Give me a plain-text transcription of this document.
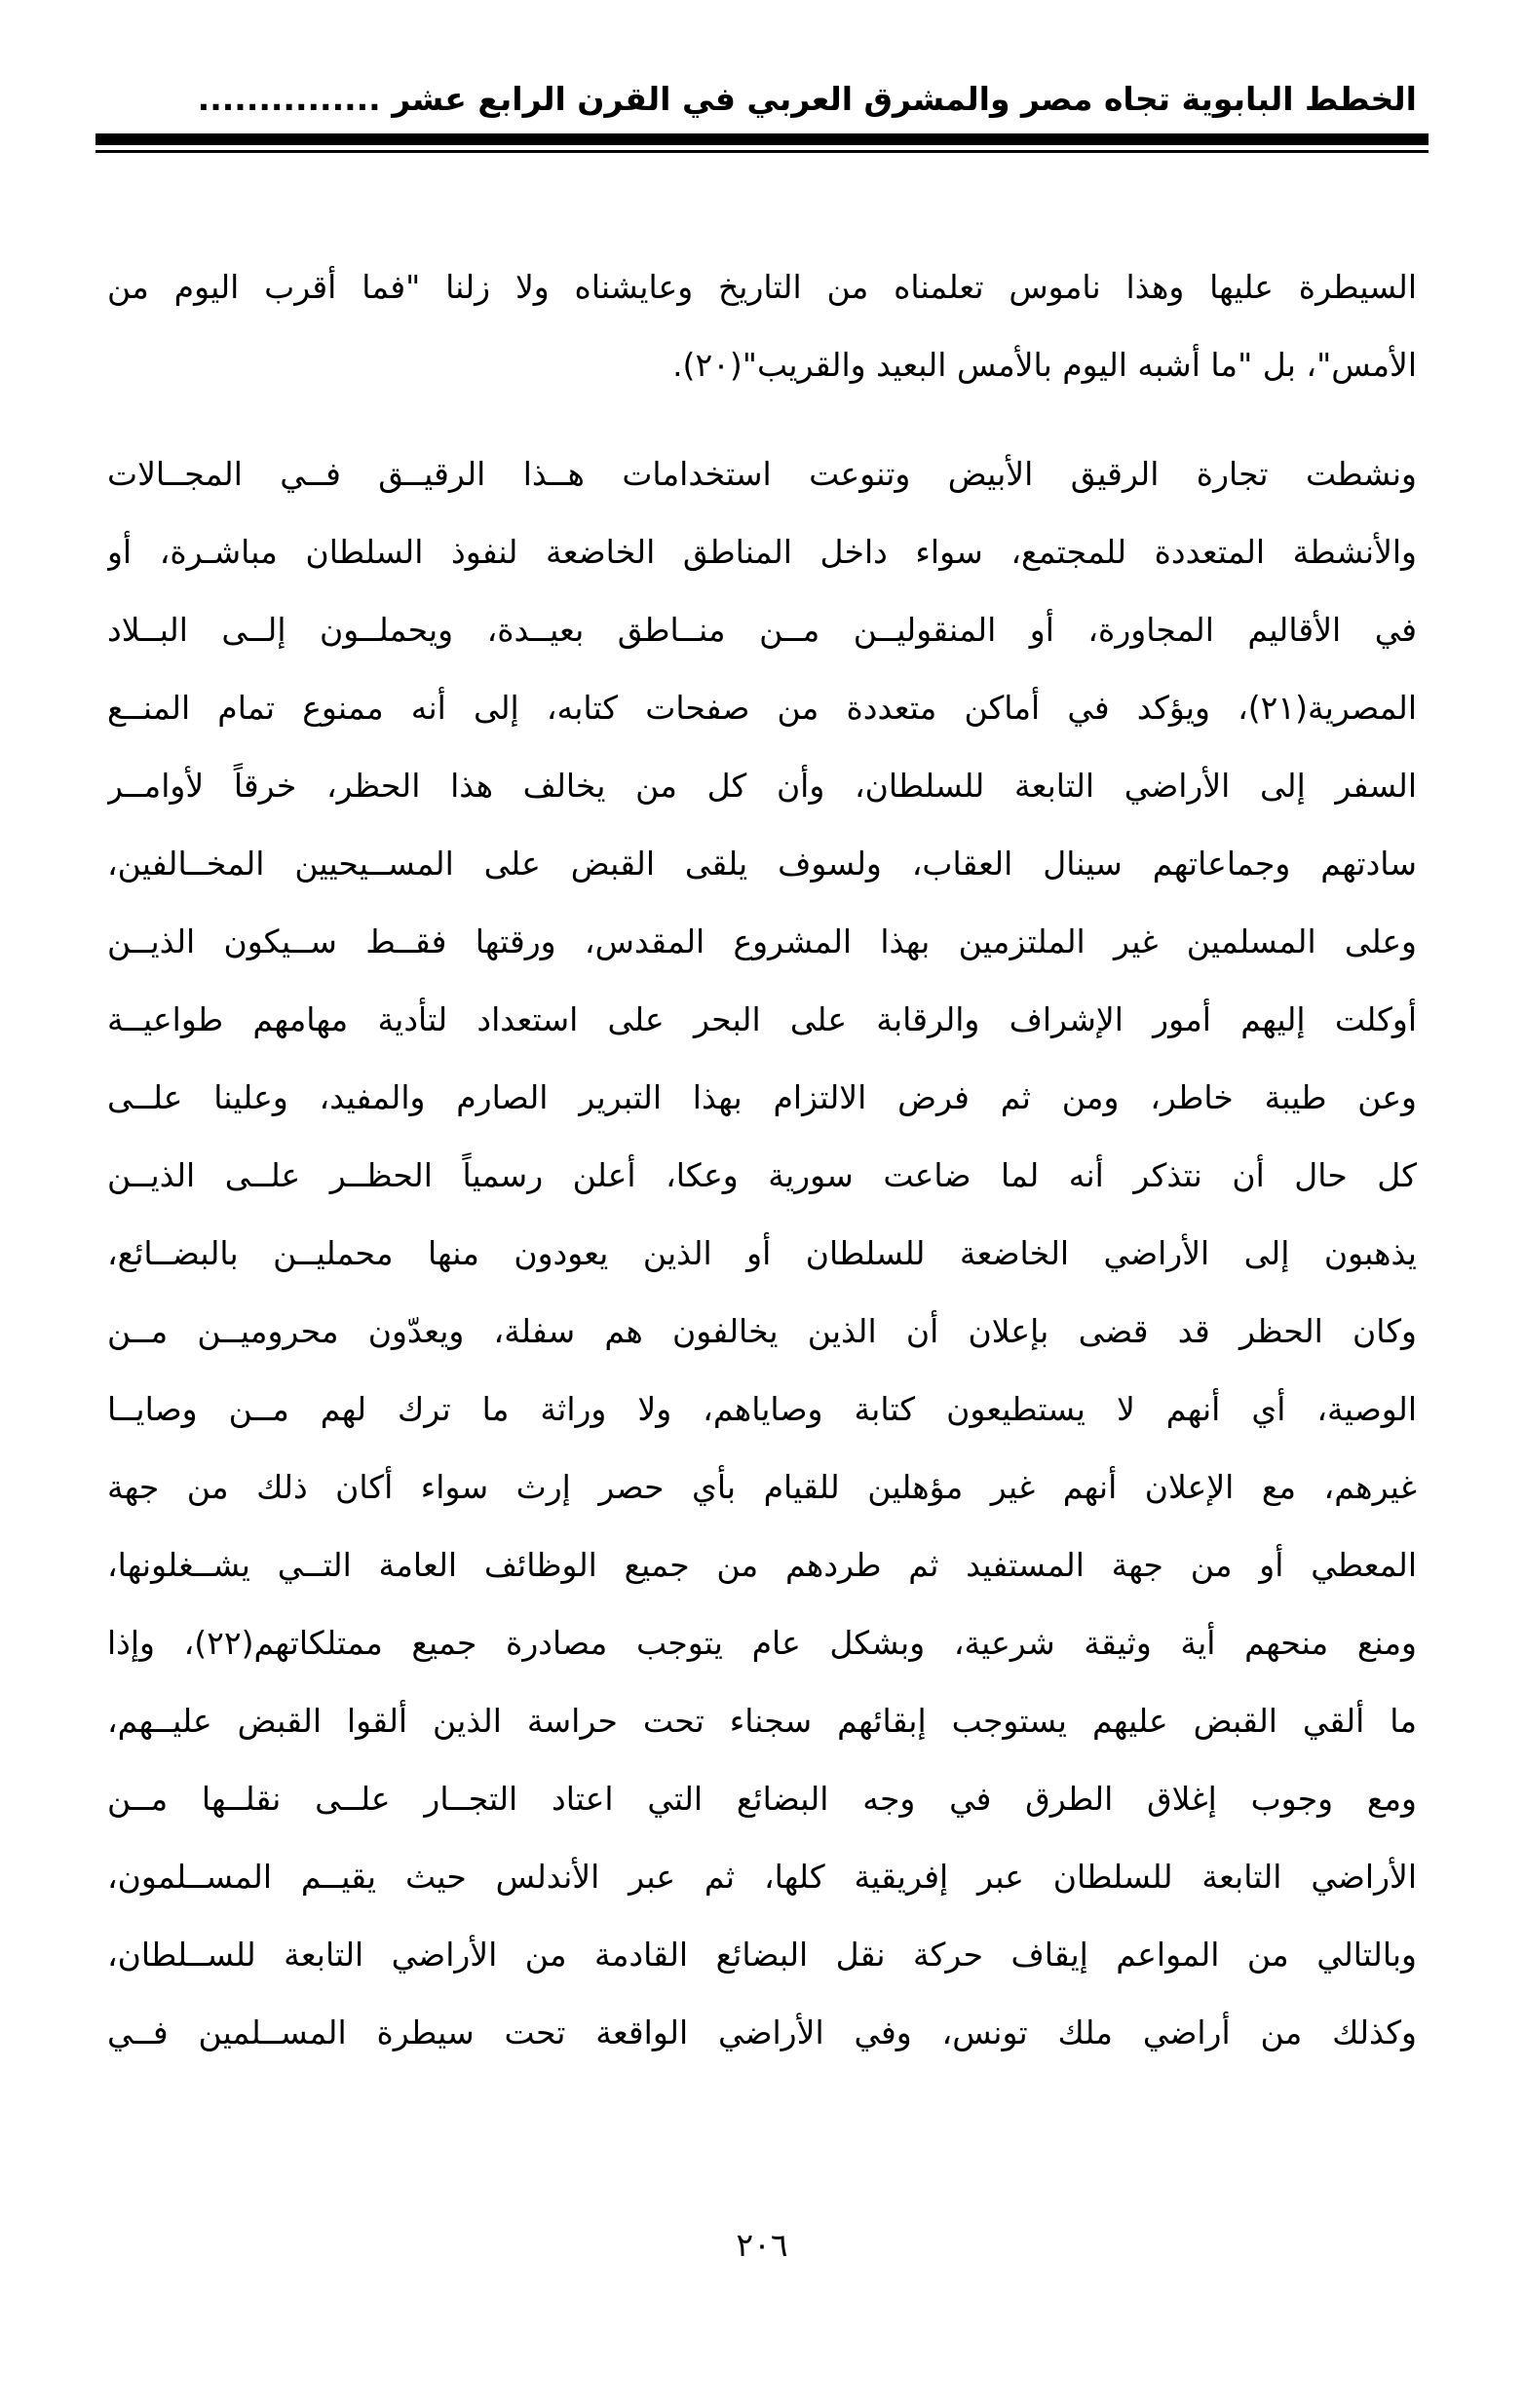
الخطط البابوية تجاه مصر والمشرق العربي في القرن الرابع عشر ...............
السيطرة عليها وهذا ناموس تعلمناه من التاريخ وعايشناه ولا زلنا "فما أقرب اليوم من
الأمس"، بل "ما أشبه اليوم بالأمس البعيد والقريب"(٢٠).
ونشطت تجارة الرقيق الأبيض وتنوعت استخدامات هــذا الرقيــق فــي المجــالات
والأنشطة المتعددة للمجتمع، سواء داخل المناطق الخاضعة لنفوذ السلطان مباشـرة، أو
في الأقاليم المجاورة، أو المنقوليــن مــن منــاطق بعيــدة، ويحملــون إلــى البــلاد
المصرية(٢١)، ويؤكد في أماكن متعددة من صفحات كتابه، إلى أنه ممنوع تمام المنــع
السفر إلى الأراضي التابعة للسلطان، وأن كل من يخالف هذا الحظر، خرقاً لأوامــر
سادتهم وجماعاتهم سينال العقاب، ولسوف يلقى القبض على المســيحيين المخــالفين،
وعلى المسلمين غير الملتزمين بهذا المشروع المقدس، ورقتها فقــط ســيكون الذيــن
أوكلت إليهم أمور الإشراف والرقابة على البحر على استعداد لتأدية مهامهم طواعيــة
وعن طيبة خاطر، ومن ثم فرض الالتزام بهذا التبرير الصارم والمفيد، وعلينا علــى
كل حال أن نتذكر أنه لما ضاعت سورية وعكا، أعلن رسمياً الحظــر علــى الذيــن
يذهبون إلى الأراضي الخاضعة للسلطان أو الذين يعودون منها محمليــن بالبضــائع،
وكان الحظر قد قضى بإعلان أن الذين يخالفون هم سفلة، ويعدّون محروميــن مــن
الوصية، أي أنهم لا يستطيعون كتابة وصاياهم، ولا وراثة ما ترك لهم مــن وصايــا
غيرهم، مع الإعلان أنهم غير مؤهلين للقيام بأي حصر إرث سواء أكان ذلك من جهة
المعطي أو من جهة المستفيد ثم طردهم من جميع الوظائف العامة التــي يشــغلونها،
ومنع منحهم أية وثيقة شرعية، وبشكل عام يتوجب مصادرة جميع ممتلكاتهم(٢٢)، وإذا
ما ألقي القبض عليهم يستوجب إبقائهم سجناء تحت حراسة الذين ألقوا القبض عليــهم،
ومع وجوب إغلاق الطرق في وجه البضائع التي اعتاد التجــار علــى نقلــها مــن
الأراضي التابعة للسلطان عبر إفريقية كلها، ثم عبر الأندلس حيث يقيــم المســلمون،
وبالتالي من المواعم إيقاف حركة نقل البضائع القادمة من الأراضي التابعة للســلطان،
وكذلك من أراضي ملك تونس، وفي الأراضي الواقعة تحت سيطرة المســلمين فــي
٢٠٦
